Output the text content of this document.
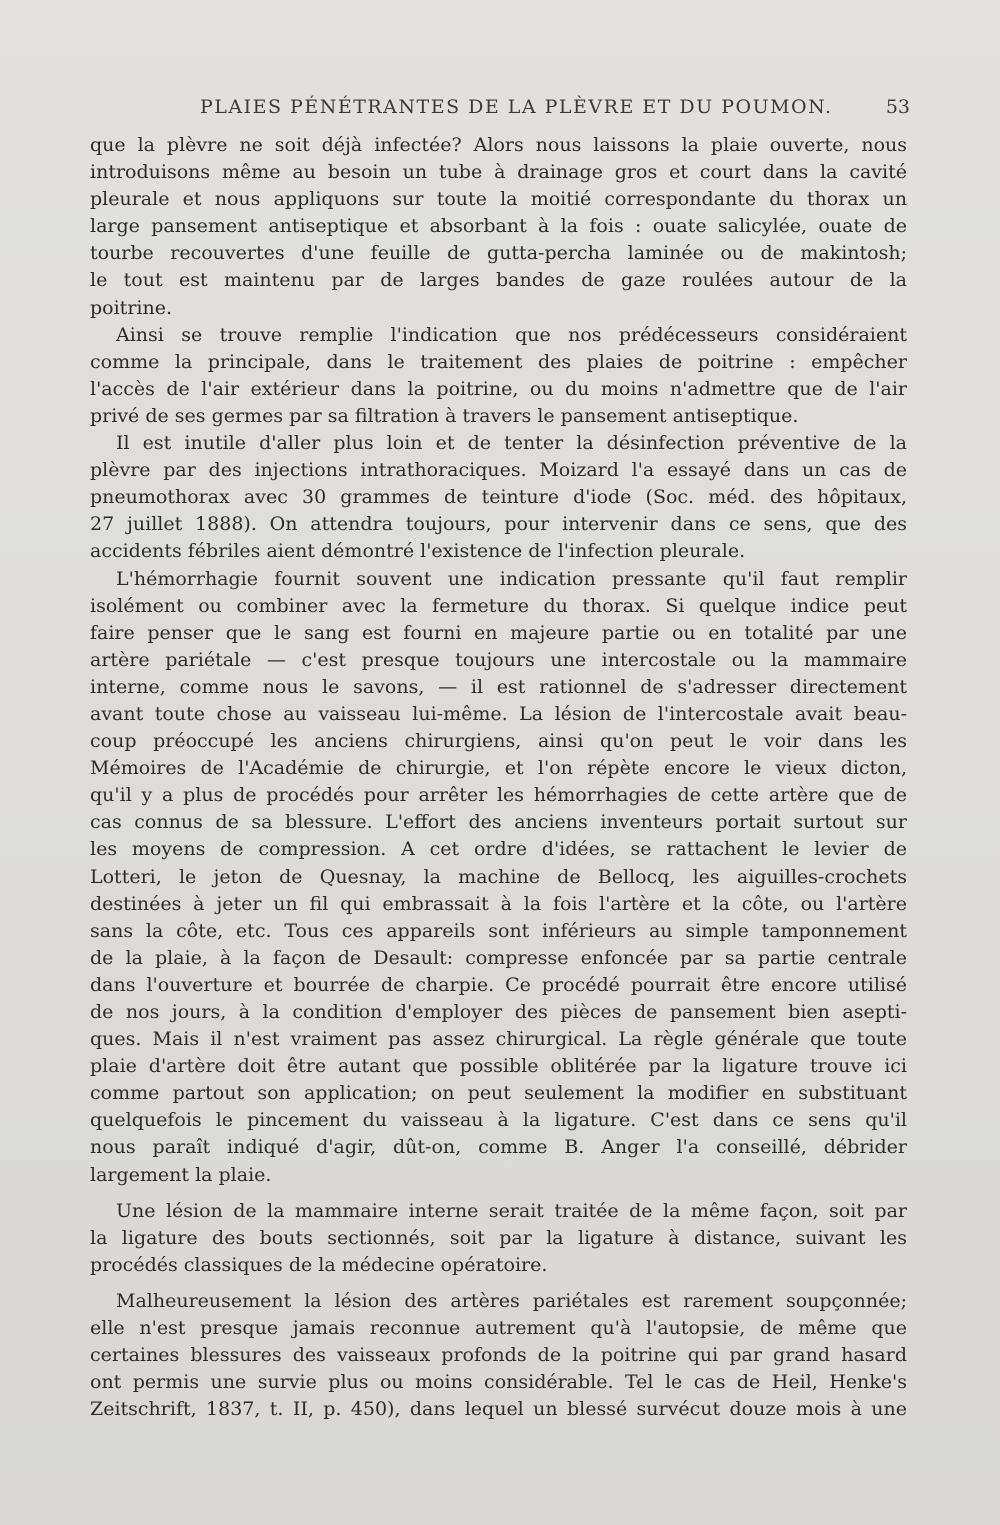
PLAIES PÉNÉTRANTES DE LA PLÈVRE ET DU POUMON.	53
que la plèvre ne soit déjà infectée? Alors nous laissons la plaie ouverte, nous
introduisons même au besoin un tube à drainage gros et court dans la cavité
pleurale et nous appliquons sur toute la moitié correspondante du thorax un
large pansement antiseptique et absorbant à la fois : ouate salicylée, ouate de
tourbe recouvertes d'une feuille de gutta-percha laminée ou de makintosh;
le tout est maintenu par de larges bandes de gaze roulées autour de la
poitrine.
Ainsi se trouve remplie l'indication que nos prédécesseurs considéraient
comme la principale, dans le traitement des plaies de poitrine : empêcher
l'accès de l'air extérieur dans la poitrine, ou du moins n'admettre que de l'air
privé de ses germes par sa filtration à travers le pansement antiseptique.
Il est inutile d'aller plus loin et de tenter la désinfection préventive de la
plèvre par des injections intrathoraciques. Moizard l'a essayé dans un cas de
pneumothorax avec 30 grammes de teinture d'iode (Soc. méd. des hôpitaux,
27 juillet 1888). On attendra toujours, pour intervenir dans ce sens, que des
accidents fébriles aient démontré l'existence de l'infection pleurale.
L'hémorrhagie fournit souvent une indication pressante qu'il faut remplir
isolément ou combiner avec la fermeture du thorax. Si quelque indice peut
faire penser que le sang est fourni en majeure partie ou en totalité par une
artère pariétale — c'est presque toujours une intercostale ou la mammaire
interne, comme nous le savons, — il est rationnel de s'adresser directement
avant toute chose au vaisseau lui-même. La lésion de l'intercostale avait beau-
coup préoccupé les anciens chirurgiens, ainsi qu'on peut le voir dans les
Mémoires de l'Académie de chirurgie, et l'on répète encore le vieux dicton,
qu'il y a plus de procédés pour arrêter les hémorrhagies de cette artère que de
cas connus de sa blessure. L'effort des anciens inventeurs portait surtout sur
les moyens de compression. A cet ordre d'idées, se rattachent le levier de
Lotteri, le jeton de Quesnay, la machine de Bellocq, les aiguilles-crochets
destinées à jeter un fil qui embrassait à la fois l'artère et la côte, ou l'artère
sans la côte, etc. Tous ces appareils sont inférieurs au simple tamponnement
de la plaie, à la façon de Desault: compresse enfoncée par sa partie centrale
dans l'ouverture et bourrée de charpie. Ce procédé pourrait être encore utilisé
de nos jours, à la condition d'employer des pièces de pansement bien asepti-
ques. Mais il n'est vraiment pas assez chirurgical. La règle générale que toute
plaie d'artère doit être autant que possible oblitérée par la ligature trouve ici
comme partout son application; on peut seulement la modifier en substituant
quelquefois le pincement du vaisseau à la ligature. C'est dans ce sens qu'il
nous paraît indiqué d'agir, dût-on, comme B. Anger l'a conseillé, débrider
largement la plaie.
Une lésion de la mammaire interne serait traitée de la même façon, soit par
la ligature des bouts sectionnés, soit par la ligature à distance, suivant les
procédés classiques de la médecine opératoire.
Malheureusement la lésion des artères pariétales est rarement soupçonnée;
elle n'est presque jamais reconnue autrement qu'à l'autopsie, de même que
certaines blessures des vaisseaux profonds de la poitrine qui par grand hasard
ont permis une survie plus ou moins considérable. Tel le cas de Heil, Henke's
Zeitschrift, 1837, t. II, p. 450), dans lequel un blessé survécut douze mois à une
